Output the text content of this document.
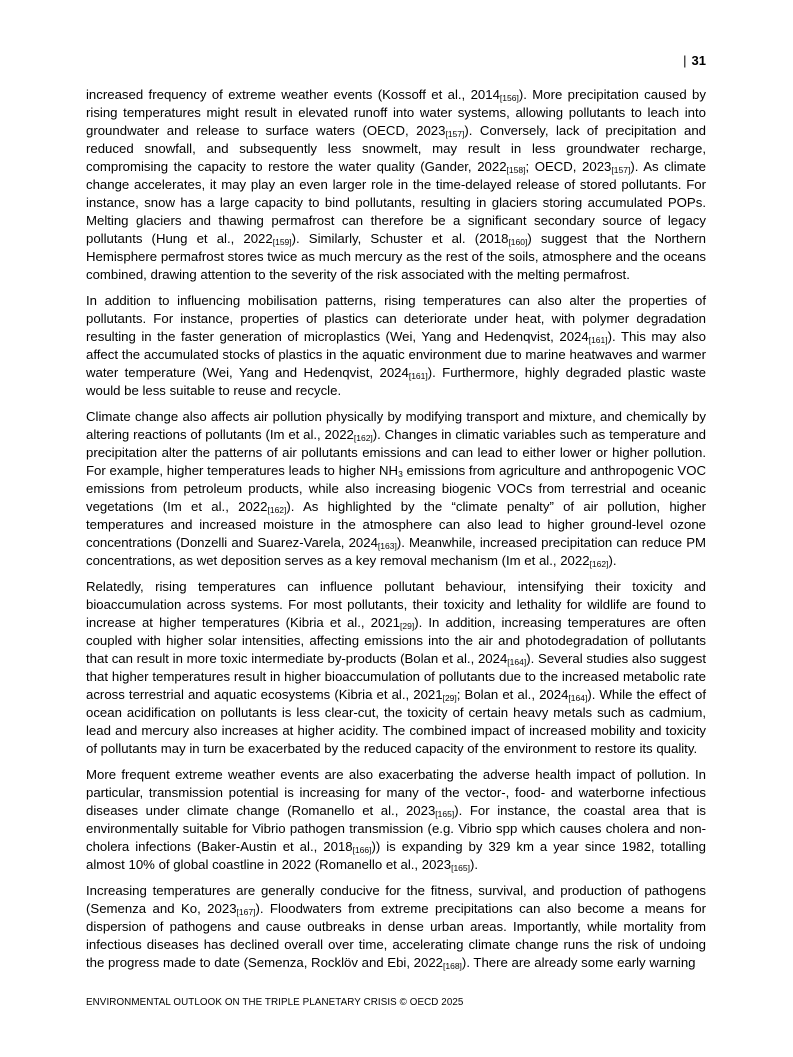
| 31

increased frequency of extreme weather events (Kossoff et al., $2014_{[156]}$). More precipitation caused by rising temperatures might result in elevated runoff into water systems, allowing pollutants to leach into groundwater and release to surface waters (OECD, $2023_{[157]}$). Conversely, lack of precipitation and reduced snowfall, and subsequently less snowmelt, may result in less groundwater recharge, compromising the capacity to restore the water quality (Gander, $2022_{[158]}$; OECD, $2023_{[157]}$). As climate change accelerates, it may play an even larger role in the time-delayed release of stored pollutants. For instance, snow has a large capacity to bind pollutants, resulting in glaciers storing accumulated POPs. Melting glaciers and thawing permafrost can therefore be a significant secondary source of legacy pollutants (Hung et al., $2022_{[159]}$). Similarly, Schuster et al. $(2018_{[160]})$ suggest that the Northern Hemisphere permafrost stores twice as much mercury as the rest of the soils, atmosphere and the oceans combined, drawing attention to the severity of the risk associated with the melting permafrost.

In addition to influencing mobilisation patterns, rising temperatures can also alter the properties of pollutants. For instance, properties of plastics can deteriorate under heat, with polymer degradation resulting in the faster generation of microplastics (Wei, Yang and Hedenqvist, $2024_{[161]}$). This may also affect the accumulated stocks of plastics in the aquatic environment due to marine heatwaves and warmer water temperature (Wei, Yang and Hedenqvist, $2024_{[161]}$). Furthermore, highly degraded plastic waste would be less suitable to reuse and recycle.

Climate change also affects air pollution physically by modifying transport and mixture, and chemically by altering reactions of pollutants (Im et al., $2022_{[162]}$). Changes in climatic variables such as temperature and precipitation alter the patterns of air pollutants emissions and can lead to either lower or higher pollution. For example, higher temperatures leads to higher $NH_3$ emissions from agriculture and anthropogenic VOC emissions from petroleum products, while also increasing biogenic VOCs from terrestrial and oceanic vegetations (Im et al., $2022_{[162]}$). As highlighted by the “climate penalty” of air pollution, higher temperatures and increased moisture in the atmosphere can also lead to higher ground-level ozone concentrations (Donzelli and Suarez-Varela, $2024_{[163]}$). Meanwhile, increased precipitation can reduce PM concentrations, as wet deposition serves as a key removal mechanism (Im et al., $2022_{[162]}$).

Relatedly, rising temperatures can influence pollutant behaviour, intensifying their toxicity and bioaccumulation across systems. For most pollutants, their toxicity and lethality for wildlife are found to increase at higher temperatures (Kibria et al., $2021_{[29]}$). In addition, increasing temperatures are often coupled with higher solar intensities, affecting emissions into the air and photodegradation of pollutants that can result in more toxic intermediate by-products (Bolan et al., $2024_{[164]}$). Several studies also suggest that higher temperatures result in higher bioaccumulation of pollutants due to the increased metabolic rate across terrestrial and aquatic ecosystems (Kibria et al., $2021_{[29]}$; Bolan et al., $2024_{[164]}$). While the effect of ocean acidification on pollutants is less clear-cut, the toxicity of certain heavy metals such as cadmium, lead and mercury also increases at higher acidity. The combined impact of increased mobility and toxicity of pollutants may in turn be exacerbated by the reduced capacity of the environment to restore its quality.

More frequent extreme weather events are also exacerbating the adverse health impact of pollution. In particular, transmission potential is increasing for many of the vector-, food- and waterborne infectious diseases under climate change (Romanello et al., $2023_{[165]}$). For instance, the coastal area that is environmentally suitable for Vibrio pathogen transmission (e.g. Vibrio spp which causes cholera and non-cholera infections (Baker-Austin et al., $2018_{[166]}$)) is expanding by 329 km a year since 1982, totalling almost 10% of global coastline in 2022 (Romanello et al., $2023_{[165]}$).

Increasing temperatures are generally conducive for the fitness, survival, and production of pathogens (Semenza and Ko, $2023_{[167]}$). Floodwaters from extreme precipitations can also become a means for dispersion of pathogens and cause outbreaks in dense urban areas. Importantly, while mortality from infectious diseases has declined overall over time, accelerating climate change runs the risk of undoing the progress made to date (Semenza, Rocklöv and Ebi, $2022_{[168]}$). There are already some early warning

ENVIRONMENTAL OUTLOOK ON THE TRIPLE PLANETARY CRISIS © OECD 2025
